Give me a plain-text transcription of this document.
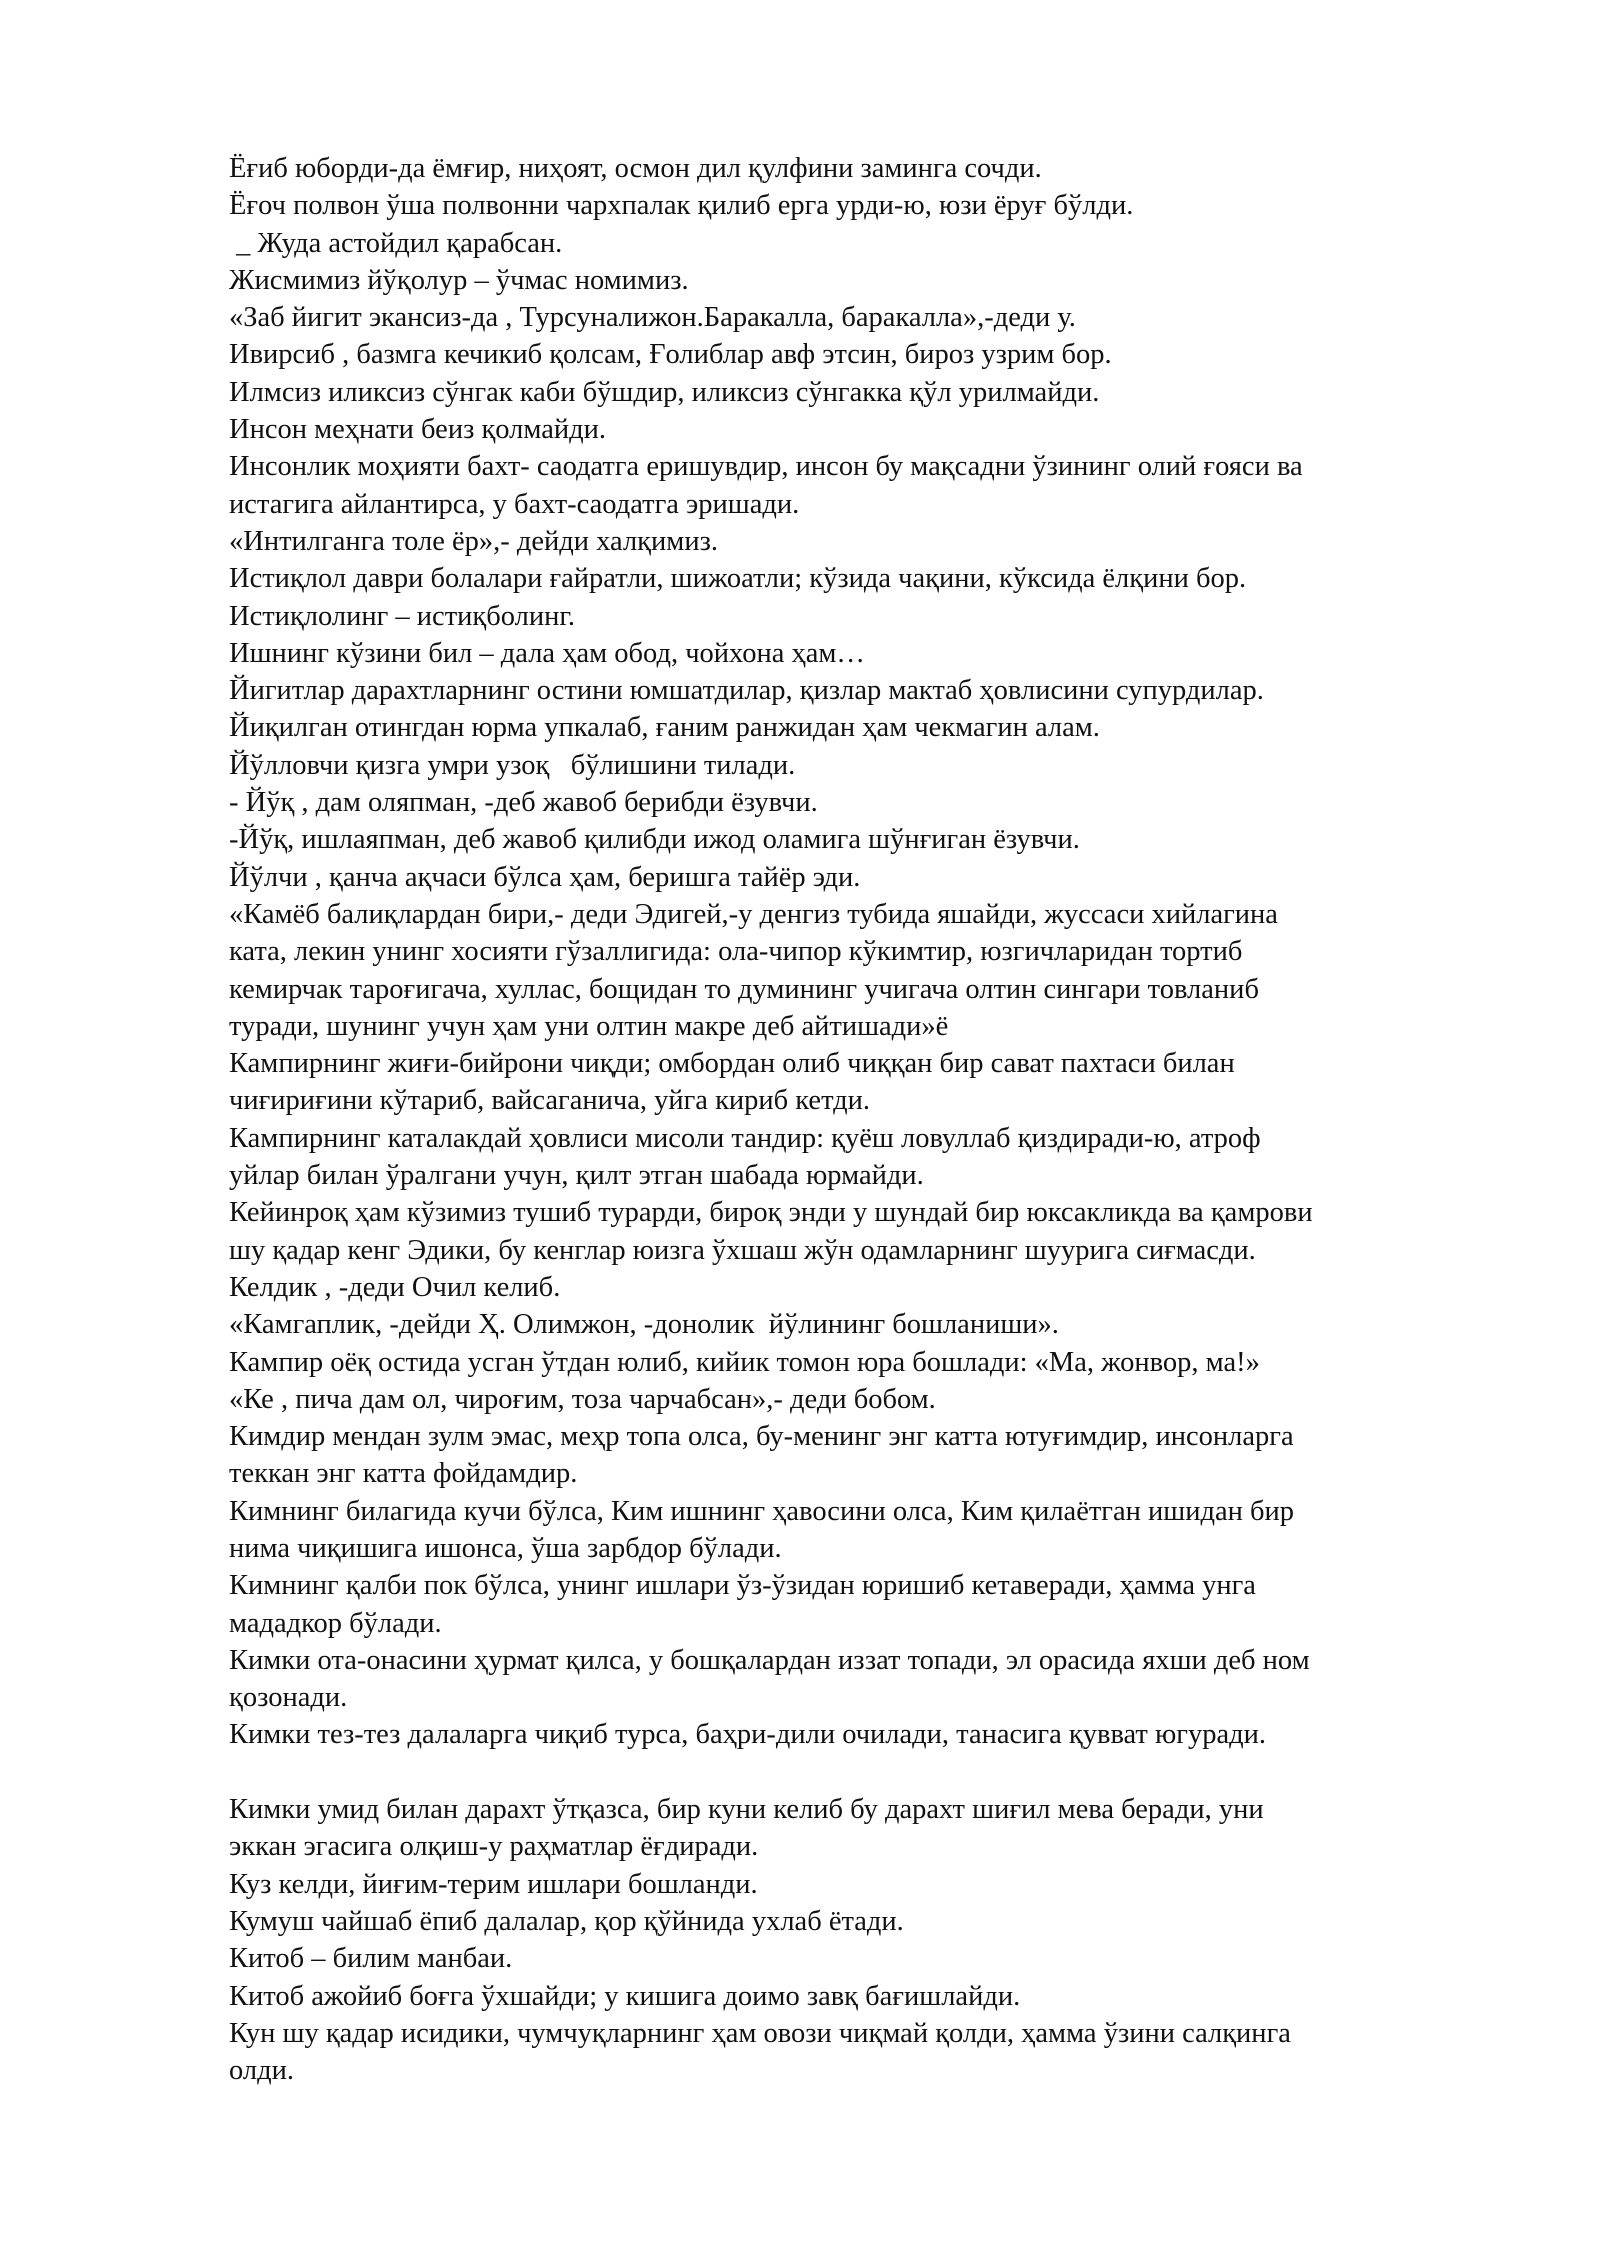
Ёғиб юборди-да ёмғир, ниҳоят, осмон дил қулфини заминга сочди.
Ёғоч полвон ўша полвонни чархпалак қилиб ерга урди-ю, юзи ёруғ бўлди.
_ Жуда астойдил қарабсан.
Жисмимиз йўқолур – ўчмас номимиз.
«Заб йигит экансиз-да , Турсуналижон.Баракалла, баракалла»,-деди у.
Ивирсиб , базмга кечикиб қолсам, Ғолиблар авф этсин, бироз узрим бор.
Илмсиз иликсиз сўнгак каби бўшдир, иликсиз сўнгакка қўл урилмайди.
Инсон меҳнати беиз қолмайди.
Инсонлик моҳияти бахт- саодатга еришувдир, инсон бу мақсадни ўзининг олий ғояси ва
истагига айлантирса, у бахт-саодатга эришади.
«Интилганга толе ёр»,- дейди халқимиз.
Истиқлол даври болалари ғайратли, шижоатли; кўзида чақини, кўксида ёлқини бор.
Истиқлолинг – истиқболинг.
Ишнинг кўзини бил – дала ҳам обод, чойхона ҳам…
Йигитлар дарахтларнинг остини юмшатдилар, қизлар мактаб ҳовлисини супурдилар.
Йиқилган отингдан юрма упкалаб, ғаним ранжидан ҳам чекмагин алам.
Йўлловчи қизга умри узоқ   бўлишини тилади.
- Йўқ , дам оляпман, -деб жавоб берибди ёзувчи.
-Йўқ, ишлаяпман, деб жавоб қилибди ижод оламига шўнғиган ёзувчи.
Йўлчи , қанча ақчаси бўлса ҳам, беришга тайёр эди.
«Камёб балиқлардан бири,- деди Эдигей,-у денгиз тубида яшайди, жуссаси хийлагина
ката, лекин унинг хосияти гўзаллигида: ола-чипор кўкимтир, юзгичларидан тортиб
кемирчак тароғигача, хуллас, бощидан то думининг учигача олтин сингари товланиб
туради, шунинг учун ҳам уни олтин макре деб айтишади»ё
Кампирнинг жиғи-бийрони чиқди; омбордан олиб чиққан бир сават пахтаси билан
чиғириғини кўтариб, вайсаганича, уйга кириб кетди.
Кампирнинг каталакдай ҳовлиси мисоли тандир: қуёш ловуллаб қиздиради-ю, атроф
уйлар билан ўралгани учун, қилт этган шабада юрмайди.
Кейинроқ ҳам кўзимиз тушиб турарди, бироқ энди у шундай бир юксакликда ва қамрови
шу қадар кенг Эдики, бу кенглар юизга ўхшаш жўн одамларнинг шуурига сиғмасди.
Келдик , -деди Очил келиб.
«Камгаплик, -дейди Ҳ. Олимжон, -донолик  йўлининг бошланиши».
Кампир оёқ остида усган ўтдан юлиб, кийик томон юра бошлади: «Ма, жонвор, ма!»
«Ке , пича дам ол, чироғим, тоза чарчабсан»,- деди бобом.
Кимдир мендан зулм эмас, меҳр топа олса, бу-менинг энг катта ютуғимдир, инсонларга
теккан энг катта фойдамдир.
Кимнинг билагида кучи бўлса, Ким ишнинг ҳавосини олса, Ким қилаётган ишидан бир
нима чиқишига ишонса, ўша зарбдор бўлади.
Кимнинг қалби пок бўлса, унинг ишлари ўз-ўзидан юришиб кетаверади, ҳамма унга
мададкор бўлади.
Кимки ота-онасини ҳурмат қилса, у бошқалардан иззат топади, эл орасида яхши деб ном
қозонади.
Кимки тез-тез далаларга чиқиб турса, баҳри-дили очилади, танасига қувват югуради.
Кимки умид билан дарахт ўтқазса, бир куни келиб бу дарахт шиғил мева беради, уни
эккан эгасига олқиш-у раҳматлар ёғдиради.
Куз келди, йиғим-терим ишлари бошланди.
Кумуш чайшаб ёпиб далалар, қор қўйнида ухлаб ётади.
Китоб – билим манбаи.
Китоб ажойиб боғга ўхшайди; у кишига доимо завқ бағишлайди.
Кун шу қадар исидики, чумчуқларнинг ҳам овози чиқмай қолди, ҳамма ўзини салқинга
олди.
